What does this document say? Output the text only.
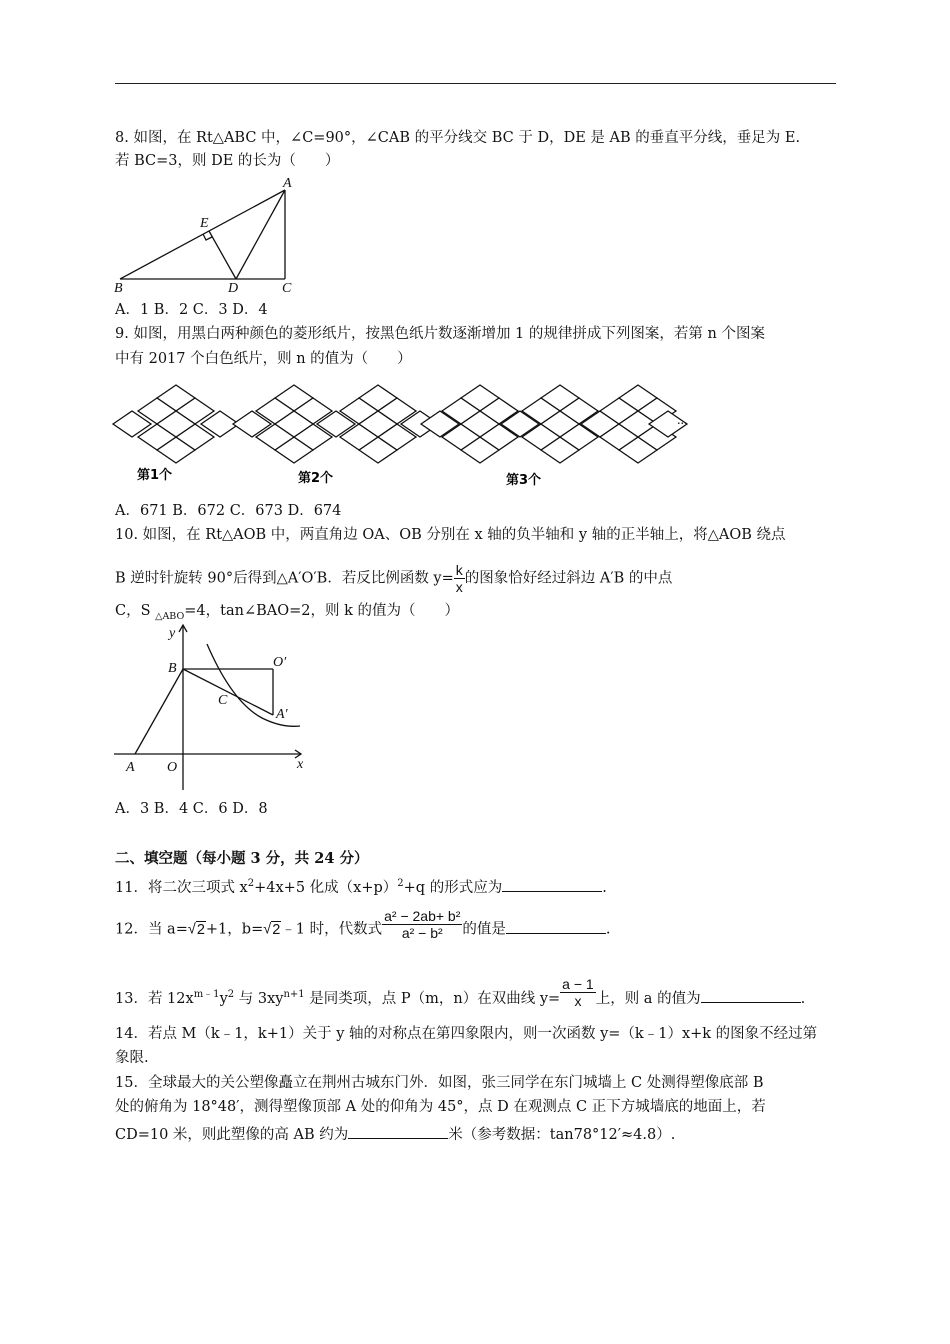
8. 如图，在 Rt△ABC 中，∠C=90°，∠CAB 的平分线交 BC 于 D，DE 是 AB 的垂直平分线，垂足为 E.
若 BC=3，则 DE 的长为（　　）
A
B	C
D
E
A．1 B．2 C．3 D．4
9. 如图，用黑白两种颜色的菱形纸片，按黑色纸片数逐渐增加 1 的规律拼成下列图案，若第 n 个图案
中有 2017 个白色纸片，则 n 的值为（　　）
...
第1个	第2个	第3个
A．671 B．672 C．673 D．674
10. 如图，在 Rt△AOB 中，两直角边 OA、OB 分别在 x 轴的负半轴和 y 轴的正半轴上，将△AOB 绕点
B 逆时针旋转 90°后得到△A′O′B．若反比例函数 $y= \frac{k}{x}$ 的图象恰好经过斜边 A′B 的中点
C，S $_{\triangle ABO}$=4，tan∠BAO=2，则 k 的值为（　　）
y
x
B	O′
C
A′
A O
A．3 B．4 C．6 D．8
二、填空题（每小题 3 分，共 24 分）
11．将二次三项式 $x^2+4x+5$ 化成$(x+p)^2+q$ 的形式应为	.
12．当 a=√2+1，b=√2﹣1 时，代数式 $\frac{\text{a² − 2ab+ b²}}{\text{a² − b²}}$ 的值是	.
13．若 $12x^{m﹣1}y^2$ 与 $3xy^{n+1}$ 是同类项，点 P（m，n）在双曲线 $y= \frac{a - 1}{x}$ 上，则 a 的值为	.
14．若点 M（k﹣1，k+1）关于 y 轴的对称点在第四象限内，则一次函数 y=（k﹣1）x+k 的图象不经过第
象限.
15．全球最大的关公塑像矗立在荆州古城东门外．如图，张三同学在东门城墙上 C 处测得塑像底部 B
处的俯角为 18°48′，测得塑像顶部 A 处的仰角为 45°，点 D 在观测点 C 正下方城墙底的地面上，若
CD=10 米，则此塑像的高 AB 约为	米（参考数据：tan78°12′≈4.8）.
